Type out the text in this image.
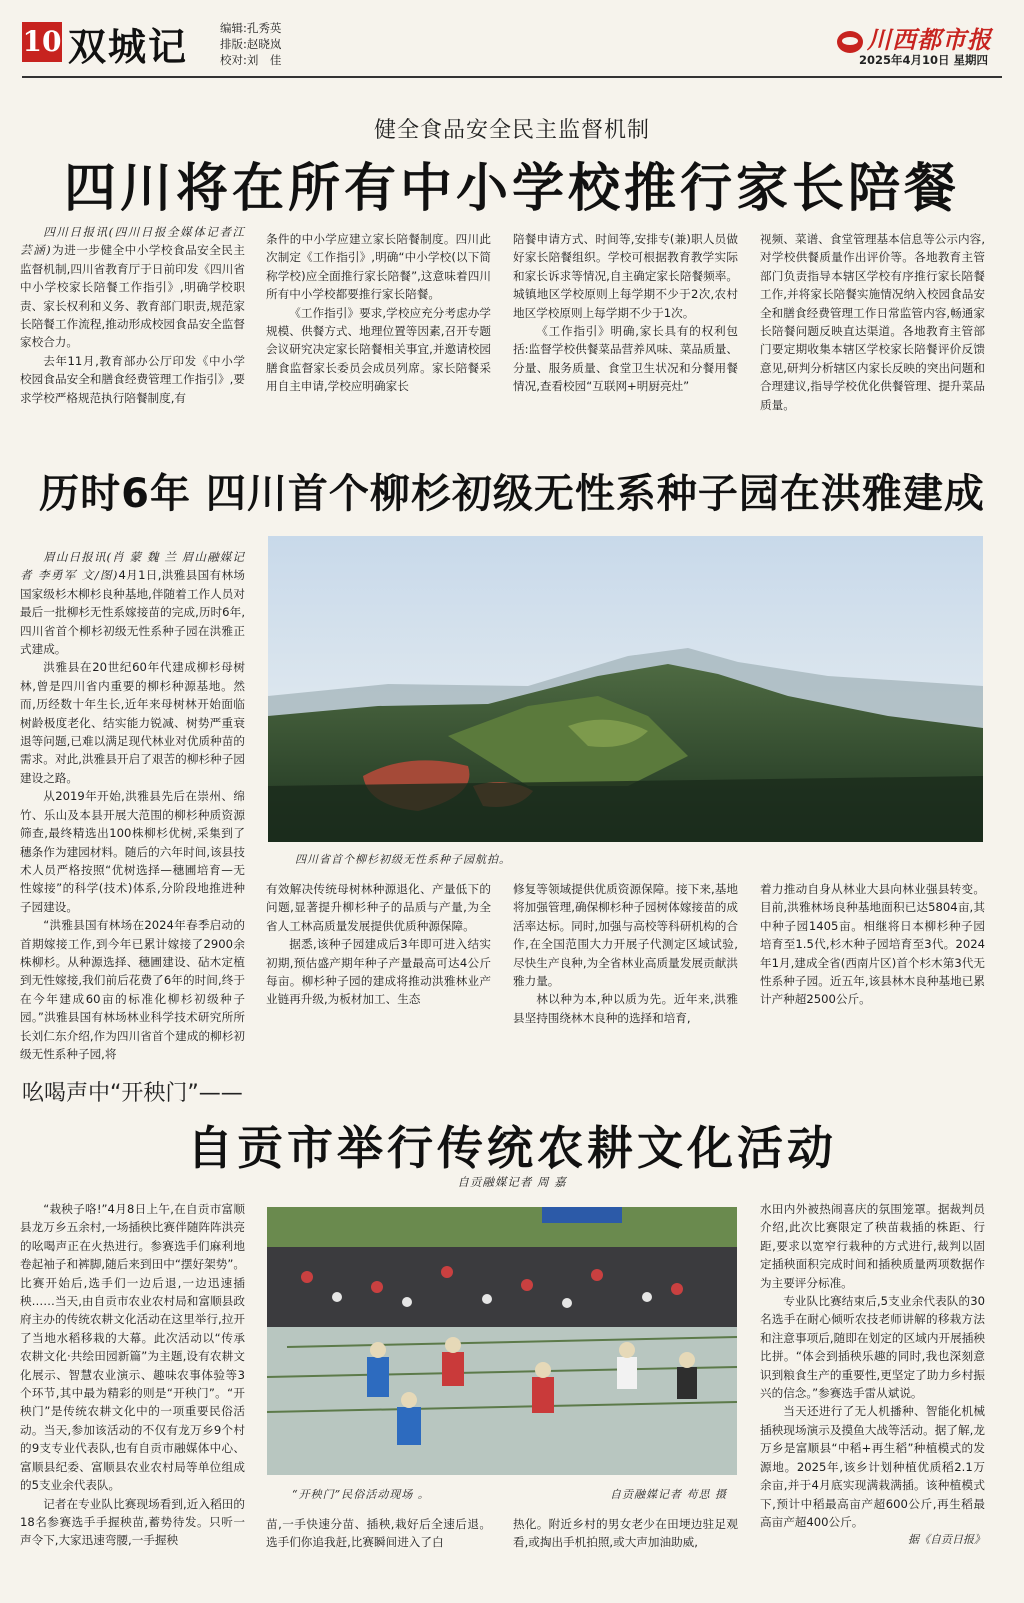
10 双城记	编辑:孔秀英
排版:赵晓岚
校对:刘　佳
川西都市报
2025年4月10日 星期四
健全食品安全民主监督机制
四川将在所有中小学校推行家长陪餐

四川日报讯(四川日报全媒体记者江芸涵)为进一步健全中小学校食品安全民主监督机制,四川省教育厅于日前印发《四川省中小学校家长陪餐工作指引》,明确学校职责、家长权利和义务、教育部门职责,规范家长陪餐工作流程,推动形成校园食品安全监督家校合力。

去年11月,教育部办公厅印发《中小学校园食品安全和膳食经费管理工作指引》,要求学校严格规范执行陪餐制度,有

条件的中小学应建立家长陪餐制度。四川此次制定《工作指引》,明确“中小学校(以下简称学校)应全面推行家长陪餐”,这意味着四川所有中小学校都要推行家长陪餐。

《工作指引》要求,学校应充分考虑办学规模、供餐方式、地理位置等因素,召开专题会议研究决定家长陪餐相关事宜,并邀请校园膳食监督家长委员会成员列席。家长陪餐采用自主申请,学校应明确家长

陪餐申请方式、时间等,安排专(兼)职人员做好家长陪餐组织。学校可根据教育教学实际和家长诉求等情况,自主确定家长陪餐频率。城镇地区学校原则上每学期不少于2次,农村地区学校原则上每学期不少于1次。

《工作指引》明确,家长具有的权利包括:监督学校供餐菜品营养风味、菜品质量、分量、服务质量、食堂卫生状况和分餐用餐情况,查看校园“互联网+明厨亮灶”

视频、菜谱、食堂管理基本信息等公示内容,对学校供餐质量作出评价等。各地教育主管部门负责指导本辖区学校有序推行家长陪餐工作,并将家长陪餐实施情况纳入校园食品安全和膳食经费管理工作日常监管内容,畅通家长陪餐问题反映直达渠道。各地教育主管部门要定期收集本辖区学校家长陪餐评价反馈意见,研判分析辖区内家长反映的突出问题和合理建议,指导学校优化供餐管理、提升菜品质量。

历时6年 四川首个柳杉初级无性系种子园在洪雅建成

眉山日报讯(肖 蒙 魏 兰 眉山融媒记者 李勇军 文/图)4月1日,洪雅县国有林场国家级杉木柳杉良种基地,伴随着工作人员对最后一批柳杉无性系嫁接苗的完成,历时6年,四川省首个柳杉初级无性系种子园在洪雅正式建成。

洪雅县在20世纪60年代建成柳杉母树林,曾是四川省内重要的柳杉种源基地。然而,历经数十年生长,近年来母树林开始面临树龄极度老化、结实能力锐减、树势严重衰退等问题,已难以满足现代林业对优质种苗的需求。对此,洪雅县开启了艰苦的柳杉种子园建设之路。

从2019年开始,洪雅县先后在崇州、绵竹、乐山及本县开展大范围的柳杉种质资源筛查,最终精选出100株柳杉优树,采集到了穗条作为建园材料。随后的六年时间,该县技术人员严格按照“优树选择—穗圃培育—无性嫁接”的科学(技术)体系,分阶段地推进种子园建设。

“洪雅县国有林场在2024年春季启动的首期嫁接工作,到今年已累计嫁接了2900余株柳杉。从种源选择、穗圃建设、砧木定植到无性嫁接,我们前后花费了6年的时间,终于在今年建成60亩的标准化柳杉初级种子园。”洪雅县国有林场林业科学技术研究所所长刘仁东介绍,作为四川省首个建成的柳杉初级无性系种子园,将

四川省首个柳杉初级无性系种子园航拍。

有效解决传统母树林种源退化、产量低下的问题,显著提升柳杉种子的品质与产量,为全省人工林高质量发展提供优质种源保障。

据悉,该种子园建成后3年即可进入结实初期,预估盛产期年种子产量最高可达4公斤每亩。柳杉种子园的建成将推动洪雅林业产业链再升级,为板材加工、生态

修复等领域提供优质资源保障。接下来,基地将加强管理,确保柳杉种子园树体嫁接苗的成活率达标。同时,加强与高校等科研机构的合作,在全国范围大力开展子代测定区域试验,尽快生产良种,为全省林业高质量发展贡献洪雅力量。

林以种为本,种以质为先。近年来,洪雅县坚持围绕林木良种的选择和培育,

着力推动自身从林业大县向林业强县转变。目前,洪雅林场良种基地面积已达5804亩,其中种子园1405亩。相继将日本柳杉种子园培育至1.5代,杉木种子园培育至3代。2024年1月,建成全省(西南片区)首个杉木第3代无性系种子园。近五年,该县林木良种基地已累计产种超2500公斤。

吆喝声中“开秧门”——
自贡市举行传统农耕文化活动
自贡融媒记者 周 嘉

“栽秧子咯!”4月8日上午,在自贡市富顺县龙万乡五余村,一场插秧比赛伴随阵阵洪亮的吆喝声正在火热进行。参赛选手们麻利地卷起袖子和裤脚,随后来到田中“摆好架势”。比赛开始后,选手们一边后退,一边迅速插秧……当天,由自贡市农业农村局和富顺县政府主办的传统农耕文化活动在这里举行,拉开了当地水稻移栽的大幕。此次活动以“传承农耕文化·共绘田园新篇”为主题,设有农耕文化展示、智慧农业演示、趣味农事体验等3个环节,其中最为精彩的则是“开秧门”。“开秧门”是传统农耕文化中的一项重要民俗活动。当天,参加该活动的不仅有龙万乡9个村的9支专业代表队,也有自贡市融媒体中心、富顺县纪委、富顺县农业农村局等单位组成的5支业余代表队。

记者在专业队比赛现场看到,近入稻田的18名参赛选手手握秧苗,蓄势待发。只听一声令下,大家迅速弯腰,一手握秧

“开秧门”民俗活动现场 。	自贡融媒记者 苟思 摄

苗,一手快速分苗、插秧,栽好后全速后退。选手们你追我赶,比赛瞬间进入了白

热化。附近乡村的男女老少在田埂边驻足观看,或掏出手机拍照,或大声加油助威,

水田内外被热闹喜庆的氛围笼罩。据裁判员介绍,此次比赛限定了秧苗栽插的株距、行距,要求以宽窄行栽种的方式进行,裁判以固定插秧面积完成时间和插秧质量两项数据作为主要评分标准。

专业队比赛结束后,5支业余代表队的30名选手在耐心倾听农技老师讲解的移栽方法和注意事项后,随即在划定的区域内开展插秧比拼。“体会到插秧乐趣的同时,我也深刻意识到粮食生产的重要性,更坚定了助力乡村振兴的信念。”参赛选手雷从斌说。

当天还进行了无人机播种、智能化机械插秧现场演示及摸鱼大战等活动。据了解,龙万乡是富顺县“中稻+再生稻”种植模式的发源地。2025年,该乡计划种植优质稻2.1万余亩,并于4月底实现满栽满插。该种植模式下,预计中稻最高亩产超600公斤,再生稻最高亩产超400公斤。

据《自贡日报》
